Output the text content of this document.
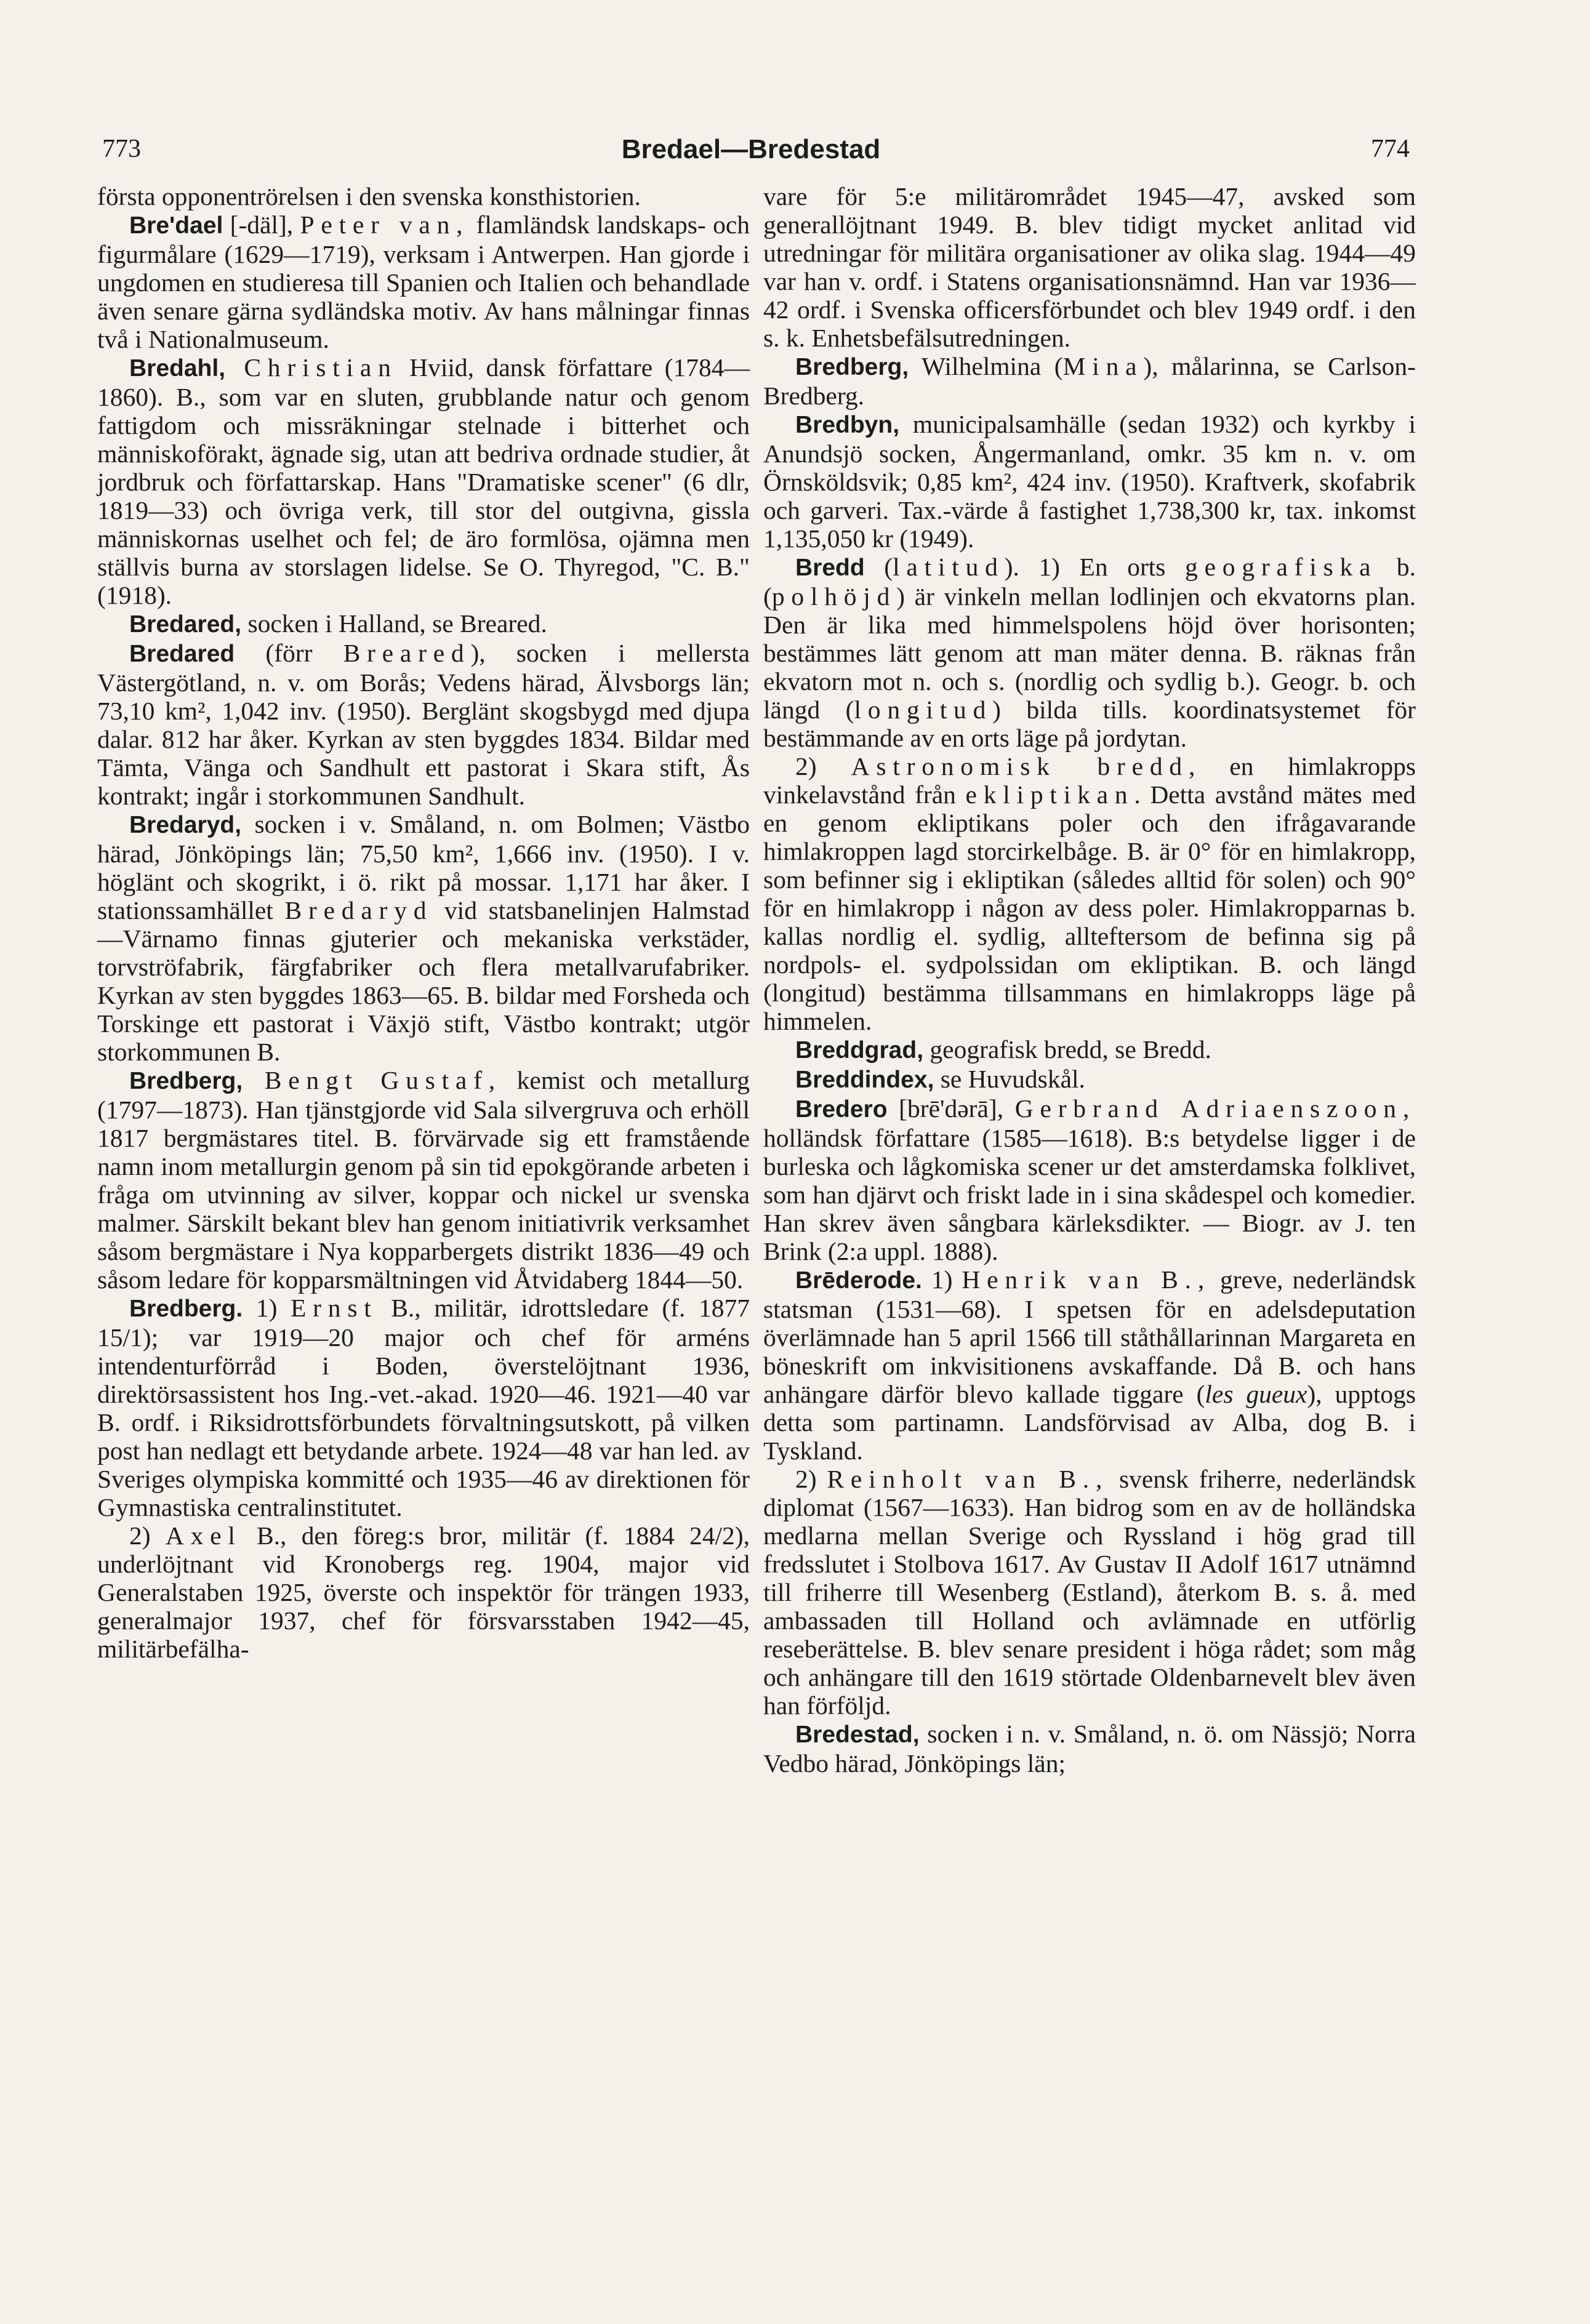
773	Bredael—Bredestad	774

första opponentrörelsen i den svenska konsthistorien.

Bre'dael [-däl], Peter van, flamländsk landskaps- och figurmålare (1629—1719), verksam i Antwerpen. Han gjorde i ungdomen en studieresa till Spanien och Italien och behandlade även senare gärna sydländska motiv. Av hans målningar finnas två i Nationalmuseum.

Bredahl, Christian Hviid, dansk författare (1784—1860). B., som var en sluten, grubblande natur och genom fattigdom och missräkningar stelnade i bitterhet och människoförakt, ägnade sig, utan att bedriva ordnade studier, åt jordbruk och författarskap. Hans "Dramatiske scener" (6 dlr, 1819—33) och övriga verk, till stor del outgivna, gissla människornas uselhet och fel; de äro formlösa, ojämna men ställvis burna av storslagen lidelse. Se O. Thyregod, "C. B." (1918).

Bredared, socken i Halland, se Breared.

Bredared (förr Breared), socken i mellersta Västergötland, n. v. om Borås; Vedens härad, Älvsborgs län; 73,10 km², 1,042 inv. (1950). Berglänt skogsbygd med djupa dalar. 812 har åker. Kyrkan av sten byggdes 1834. Bildar med Tämta, Vänga och Sandhult ett pastorat i Skara stift, Ås kontrakt; ingår i storkommunen Sandhult.

Bredaryd, socken i v. Småland, n. om Bolmen; Västbo härad, Jönköpings län; 75,50 km², 1,666 inv. (1950). I v. höglänt och skogrikt, i ö. rikt på mossar. 1,171 har åker. I stationssamhället Bredaryd vid statsbanelinjen Halmstad—Värnamo finnas gjuterier och mekaniska verkstäder, torvströfabrik, färgfabriker och flera metallvarufabriker. Kyrkan av sten byggdes 1863—65. B. bildar med Forsheda och Torskinge ett pastorat i Växjö stift, Västbo kontrakt; utgör storkommunen B.

Bredberg, Bengt Gustaf, kemist och metallurg (1797—1873). Han tjänstgjorde vid Sala silvergruva och erhöll 1817 bergmästares titel. B. förvärvade sig ett framstående namn inom metallurgin genom på sin tid epokgörande arbeten i fråga om utvinning av silver, koppar och nickel ur svenska malmer. Särskilt bekant blev han genom initiativrik verksamhet såsom bergmästare i Nya kopparbergets distrikt 1836—49 och såsom ledare för kopparsmältningen vid Åtvidaberg 1844—50.

Bredberg. 1) Ernst B., militär, idrottsledare (f. 1877 15/1); var 1919—20 major och chef för arméns intendenturförråd i Boden, överstelöjtnant 1936, direktörsassistent hos Ing.-vet.-akad. 1920—46. 1921—40 var B. ordf. i Riksidrottsförbundets förvaltningsutskott, på vilken post han nedlagt ett betydande arbete. 1924—48 var han led. av Sveriges olympiska kommitté och 1935—46 av direktionen för Gymnastiska centralinstitutet.

2) Axel B., den föreg:s bror, militär (f. 1884 24/2), underlöjtnant vid Kronobergs reg. 1904, major vid Generalstaben 1925, överste och inspektör för trängen 1933, generalmajor 1937, chef för försvarsstaben 1942—45, militärbefälha-

vare för 5:e militärområdet 1945—47, avsked som generallöjtnant 1949. B. blev tidigt mycket anlitad vid utredningar för militära organisationer av olika slag. 1944—49 var han v. ordf. i Statens organisationsnämnd. Han var 1936—42 ordf. i Svenska officersförbundet och blev 1949 ordf. i den s. k. Enhetsbefälsutredningen.

Bredberg, Wilhelmina (Mina), målarinna, se Carlson-Bredberg.

Bredbyn, municipalsamhälle (sedan 1932) och kyrkby i Anundsjö socken, Ångermanland, omkr. 35 km n. v. om Örnsköldsvik; 0,85 km², 424 inv. (1950). Kraftverk, skofabrik och garveri. Tax.-värde å fastighet 1,738,300 kr, tax. inkomst 1,135,050 kr (1949).

Bredd (latitud). 1) En orts geografiska b. (polhöjd) är vinkeln mellan lodlinjen och ekvatorns plan. Den är lika med himmelspolens höjd över horisonten; bestämmes lätt genom att man mäter denna. B. räknas från ekvatorn mot n. och s. (nordlig och sydlig b.). Geogr. b. och längd (longitud) bilda tills. koordinatsystemet för bestämmande av en orts läge på jordytan.

2) Astronomisk bredd, en himlakropps vinkelavstånd från ekliptikan. Detta avstånd mätes med en genom ekliptikans poler och den ifrågavarande himlakroppen lagd storcirkelbåge. B. är 0° för en himlakropp, som befinner sig i ekliptikan (således alltid för solen) och 90° för en himlakropp i någon av dess poler. Himlakropparnas b. kallas nordlig el. sydlig, allteftersom de befinna sig på nordpols- el. sydpolssidan om ekliptikan. B. och längd (longitud) bestämma tillsammans en himlakropps läge på himmelen.

Breddgrad, geografisk bredd, se Bredd.

Breddindex, se Huvudskål.

Bredero [brē'dərā], Gerbrand Adriaenszoon, holländsk författare (1585—1618). B:s betydelse ligger i de burleska och lågkomiska scener ur det amsterdamska folklivet, som han djärvt och friskt lade in i sina skådespel och komedier. Han skrev även sångbara kärleksdikter. — Biogr. av J. ten Brink (2:a uppl. 1888).

Brēderode. 1) Henrik van B., greve, nederländsk statsman (1531—68). I spetsen för en adelsdeputation överlämnade han 5 april 1566 till ståthållarinnan Margareta en böneskrift om inkvisitionens avskaffande. Då B. och hans anhängare därför blevo kallade tiggare (les gueux), upptogs detta som partinamn. Landsförvisad av Alba, dog B. i Tyskland.

2) Reinholt van B., svensk friherre, nederländsk diplomat (1567—1633). Han bidrog som en av de holländska medlarna mellan Sverige och Ryssland i hög grad till fredsslutet i Stolbova 1617. Av Gustav II Adolf 1617 utnämnd till friherre till Wesenberg (Estland), återkom B. s. å. med ambassaden till Holland och avlämnade en utförlig reseberättelse. B. blev senare president i höga rådet; som måg och anhängare till den 1619 störtade Oldenbarnevelt blev även han förföljd.

Bredestad, socken i n. v. Småland, n. ö. om Nässjö; Norra Vedbo härad, Jönköpings län;
